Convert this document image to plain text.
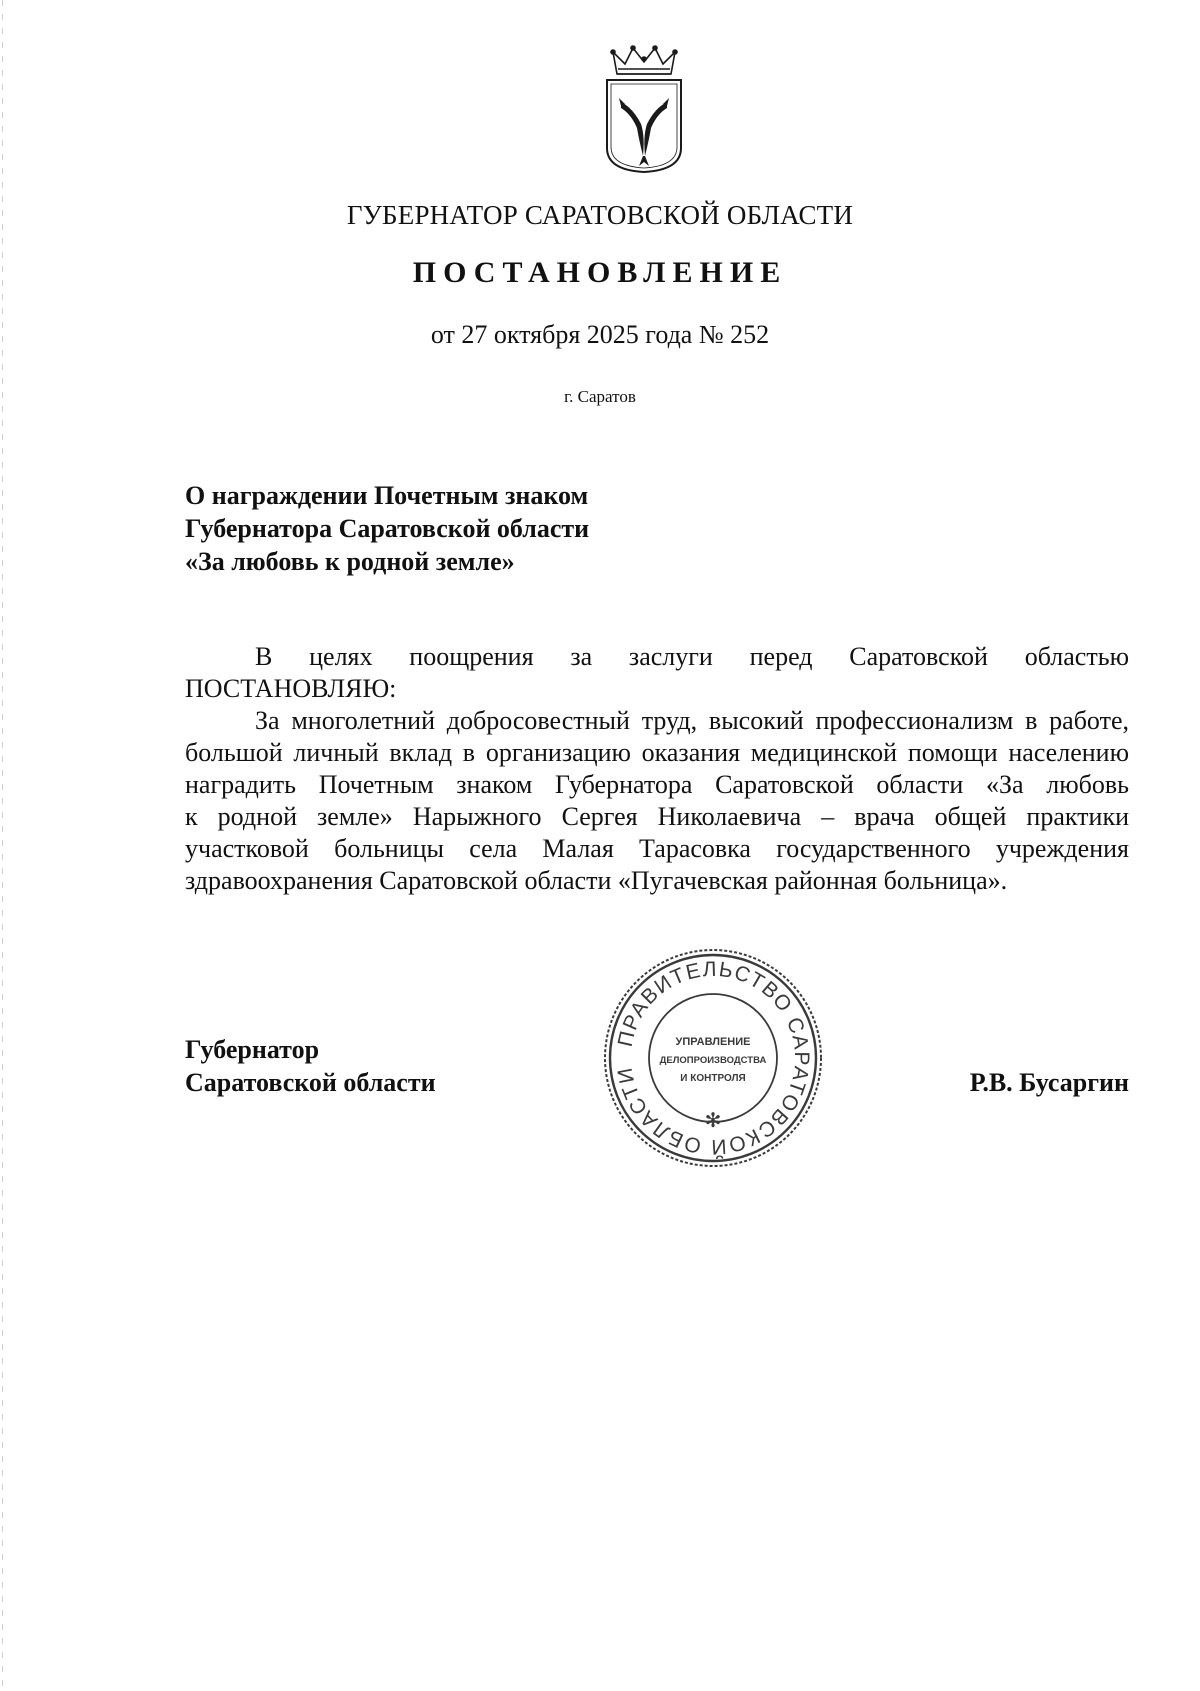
ГУБЕРНАТОР САРАТОВСКОЙ ОБЛАСТИ
ПОСТАНОВЛЕНИЕ
от 27 октября 2025 года № 252
г. Саратов
О награждении Почетным знаком
Губернатора Саратовской области
«За любовь к родной земле»
В целях поощрения за заслуги перед Саратовской областью
ПОСТАНОВЛЯЮ:
За многолетний добросовестный труд, высокий профессионализм в работе,
большой личный вклад в организацию оказания медицинской помощи населению
наградить Почетным знаком Губернатора Саратовской области «За любовь
к родной земле» Нарыжного Сергея Николаевича – врача общей практики
участковой больницы села Малая Тарасовка государственного учреждения
здравоохранения Саратовской области «Пугачевская районная больница».
ПРАВИТЕЛЬСТВО САРАТОВСКОЙ ОБЛАСТИ
✻
УПРАВЛЕНИЕ
ДЕЛОПРОИЗВОДСТВА
И КОНТРОЛЯ
Губернатор
Саратовской области	Р.В. Бусаргин
